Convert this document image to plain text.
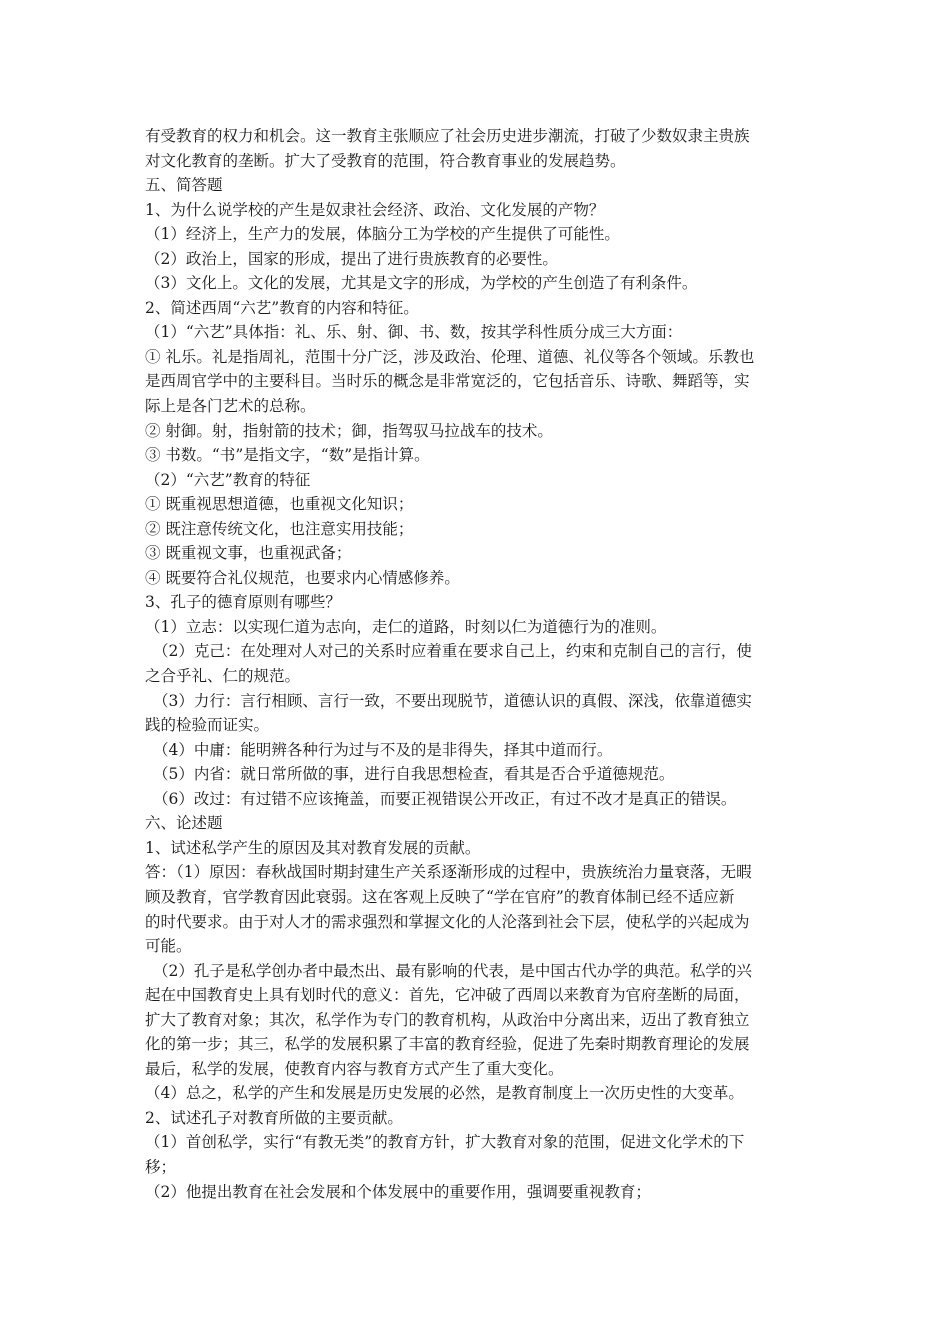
有受教育的权力和机会。这一教育主张顺应了社会历史进步潮流，打破了少数奴隶主贵族
对文化教育的垄断。扩大了受教育的范围，符合教育事业的发展趋势。
五、简答题
1、为什么说学校的产生是奴隶社会经济、政治、文化发展的产物？
（1）经济上，生产力的发展，体脑分工为学校的产生提供了可能性。
（2）政治上，国家的形成，提出了进行贵族教育的必要性。
（3）文化上。文化的发展，尤其是文字的形成，为学校的产生创造了有利条件。
2、简述西周“六艺”教育的内容和特征。
（1）“六艺”具体指：礼、乐、射、御、书、数，按其学科性质分成三大方面：
① 礼乐。礼是指周礼，范围十分广泛，涉及政治、伦理、道德、礼仪等各个领域。乐教也
是西周官学中的主要科目。当时乐的概念是非常宽泛的，它包括音乐、诗歌、舞蹈等，实
际上是各门艺术的总称。
② 射御。射，指射箭的技术；御，指驾驭马拉战车的技术。
③ 书数。“书”是指文字，“数”是指计算。
（2）“六艺”教育的特征
① 既重视思想道德，也重视文化知识；
② 既注意传统文化，也注意实用技能；
③ 既重视文事，也重视武备；
④ 既要符合礼仪规范，也要求内心情感修养。
3、孔子的德育原则有哪些？
（1）立志：以实现仁道为志向，走仁的道路，时刻以仁为道德行为的准则。
（2）克己：在处理对人对己的关系时应着重在要求自己上，约束和克制自己的言行，使
之合乎礼、仁的规范。
（3）力行：言行相顾、言行一致，不要出现脱节，道德认识的真假、深浅，依靠道德实
践的检验而证实。
（4）中庸：能明辨各种行为过与不及的是非得失，择其中道而行。
（5）内省：就日常所做的事，进行自我思想检查，看其是否合乎道德规范。
（6）改过：有过错不应该掩盖，而要正视错误公开改正，有过不改才是真正的错误。
六、论述题
1、试述私学产生的原因及其对教育发展的贡献。
答：（1）原因：春秋战国时期封建生产关系逐渐形成的过程中，贵族统治力量衰落，无暇
顾及教育，官学教育因此衰弱。这在客观上反映了“学在官府”的教育体制已经不适应新
的时代要求。由于对人才的需求强烈和掌握文化的人沦落到社会下层，使私学的兴起成为
可能。
（2）孔子是私学创办者中最杰出、最有影响的代表，是中国古代办学的典范。私学的兴
起在中国教育史上具有划时代的意义：首先，它冲破了西周以来教育为官府垄断的局面，
扩大了教育对象；其次，私学作为专门的教育机构，从政治中分离出来，迈出了教育独立
化的第一步；其三，私学的发展积累了丰富的教育经验，促进了先秦时期教育理论的发展
最后，私学的发展，使教育内容与教育方式产生了重大变化。
（4）总之，私学的产生和发展是历史发展的必然，是教育制度上一次历史性的大变革。
2、试述孔子对教育所做的主要贡献。
（1）首创私学，实行“有教无类”的教育方针，扩大教育对象的范围，促进文化学术的下
移；
（2）他提出教育在社会发展和个体发展中的重要作用，强调要重视教育；
